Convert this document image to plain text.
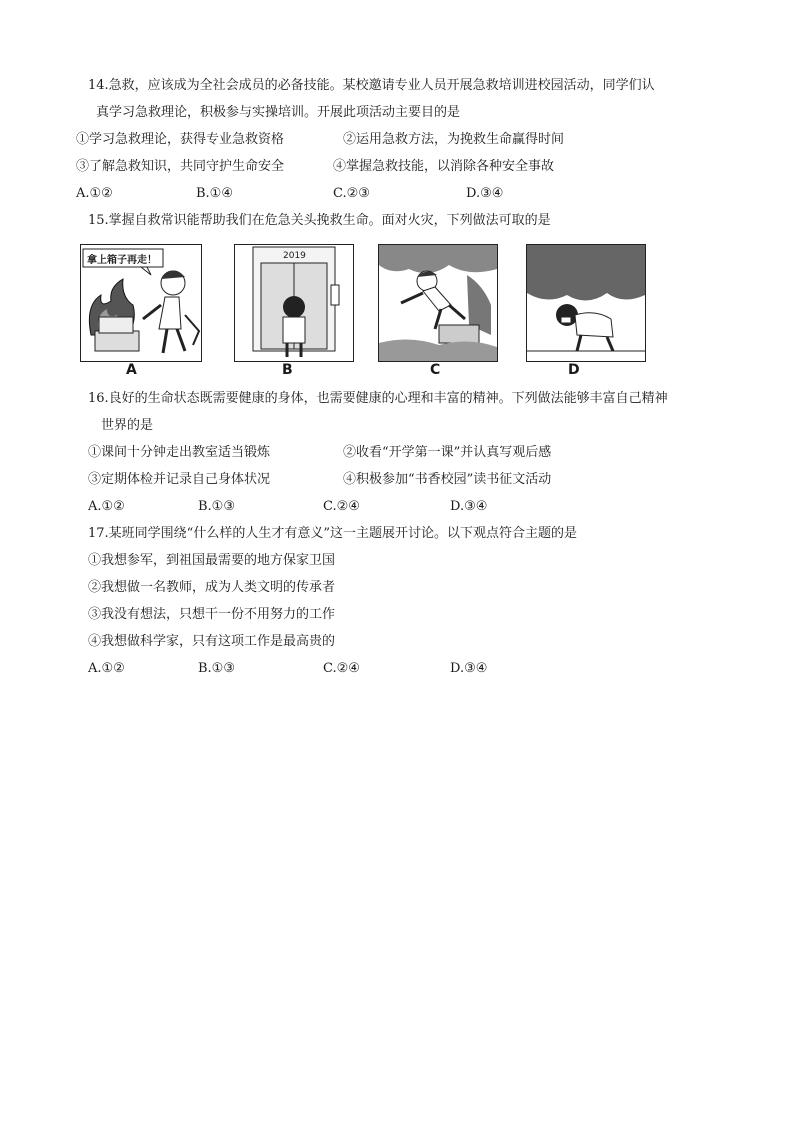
14.急救，应该成为全社会成员的必备技能。某校邀请专业人员开展急救培训进校园活动，同学们认
真学习急救理论，积极参与实操培训。开展此项活动主要目的是
①学习急救理论，获得专业急救资格	②运用急救方法，为挽救生命赢得时间
③了解急救知识，共同守护生命安全	④掌握急救技能，以消除各种安全事故
A.①②	B.①④	C.②③	D.③④
15.掌握自救常识能帮助我们在危急关头挽救生命。面对火灾，下列做法可取的是
拿上箱子再走！
A
2019
B	C	D
16.良好的生命状态既需要健康的身体，也需要健康的心理和丰富的精神。下列做法能够丰富自己精神
世界的是
①课间十分钟走出教室适当锻炼	②收看“开学第一课”并认真写观后感
③定期体检并记录自己身体状况	④积极参加“书香校园”读书征文活动
A.①②	B.①③	C.②④	D.③④
17.某班同学围绕“什么样的人生才有意义”这一主题展开讨论。以下观点符合主题的是
①我想参军，到祖国最需要的地方保家卫国
②我想做一名教师，成为人类文明的传承者
③我没有想法，只想干一份不用努力的工作
④我想做科学家，只有这项工作是最高贵的
A.①②	B.①③	C.②④	D.③④
